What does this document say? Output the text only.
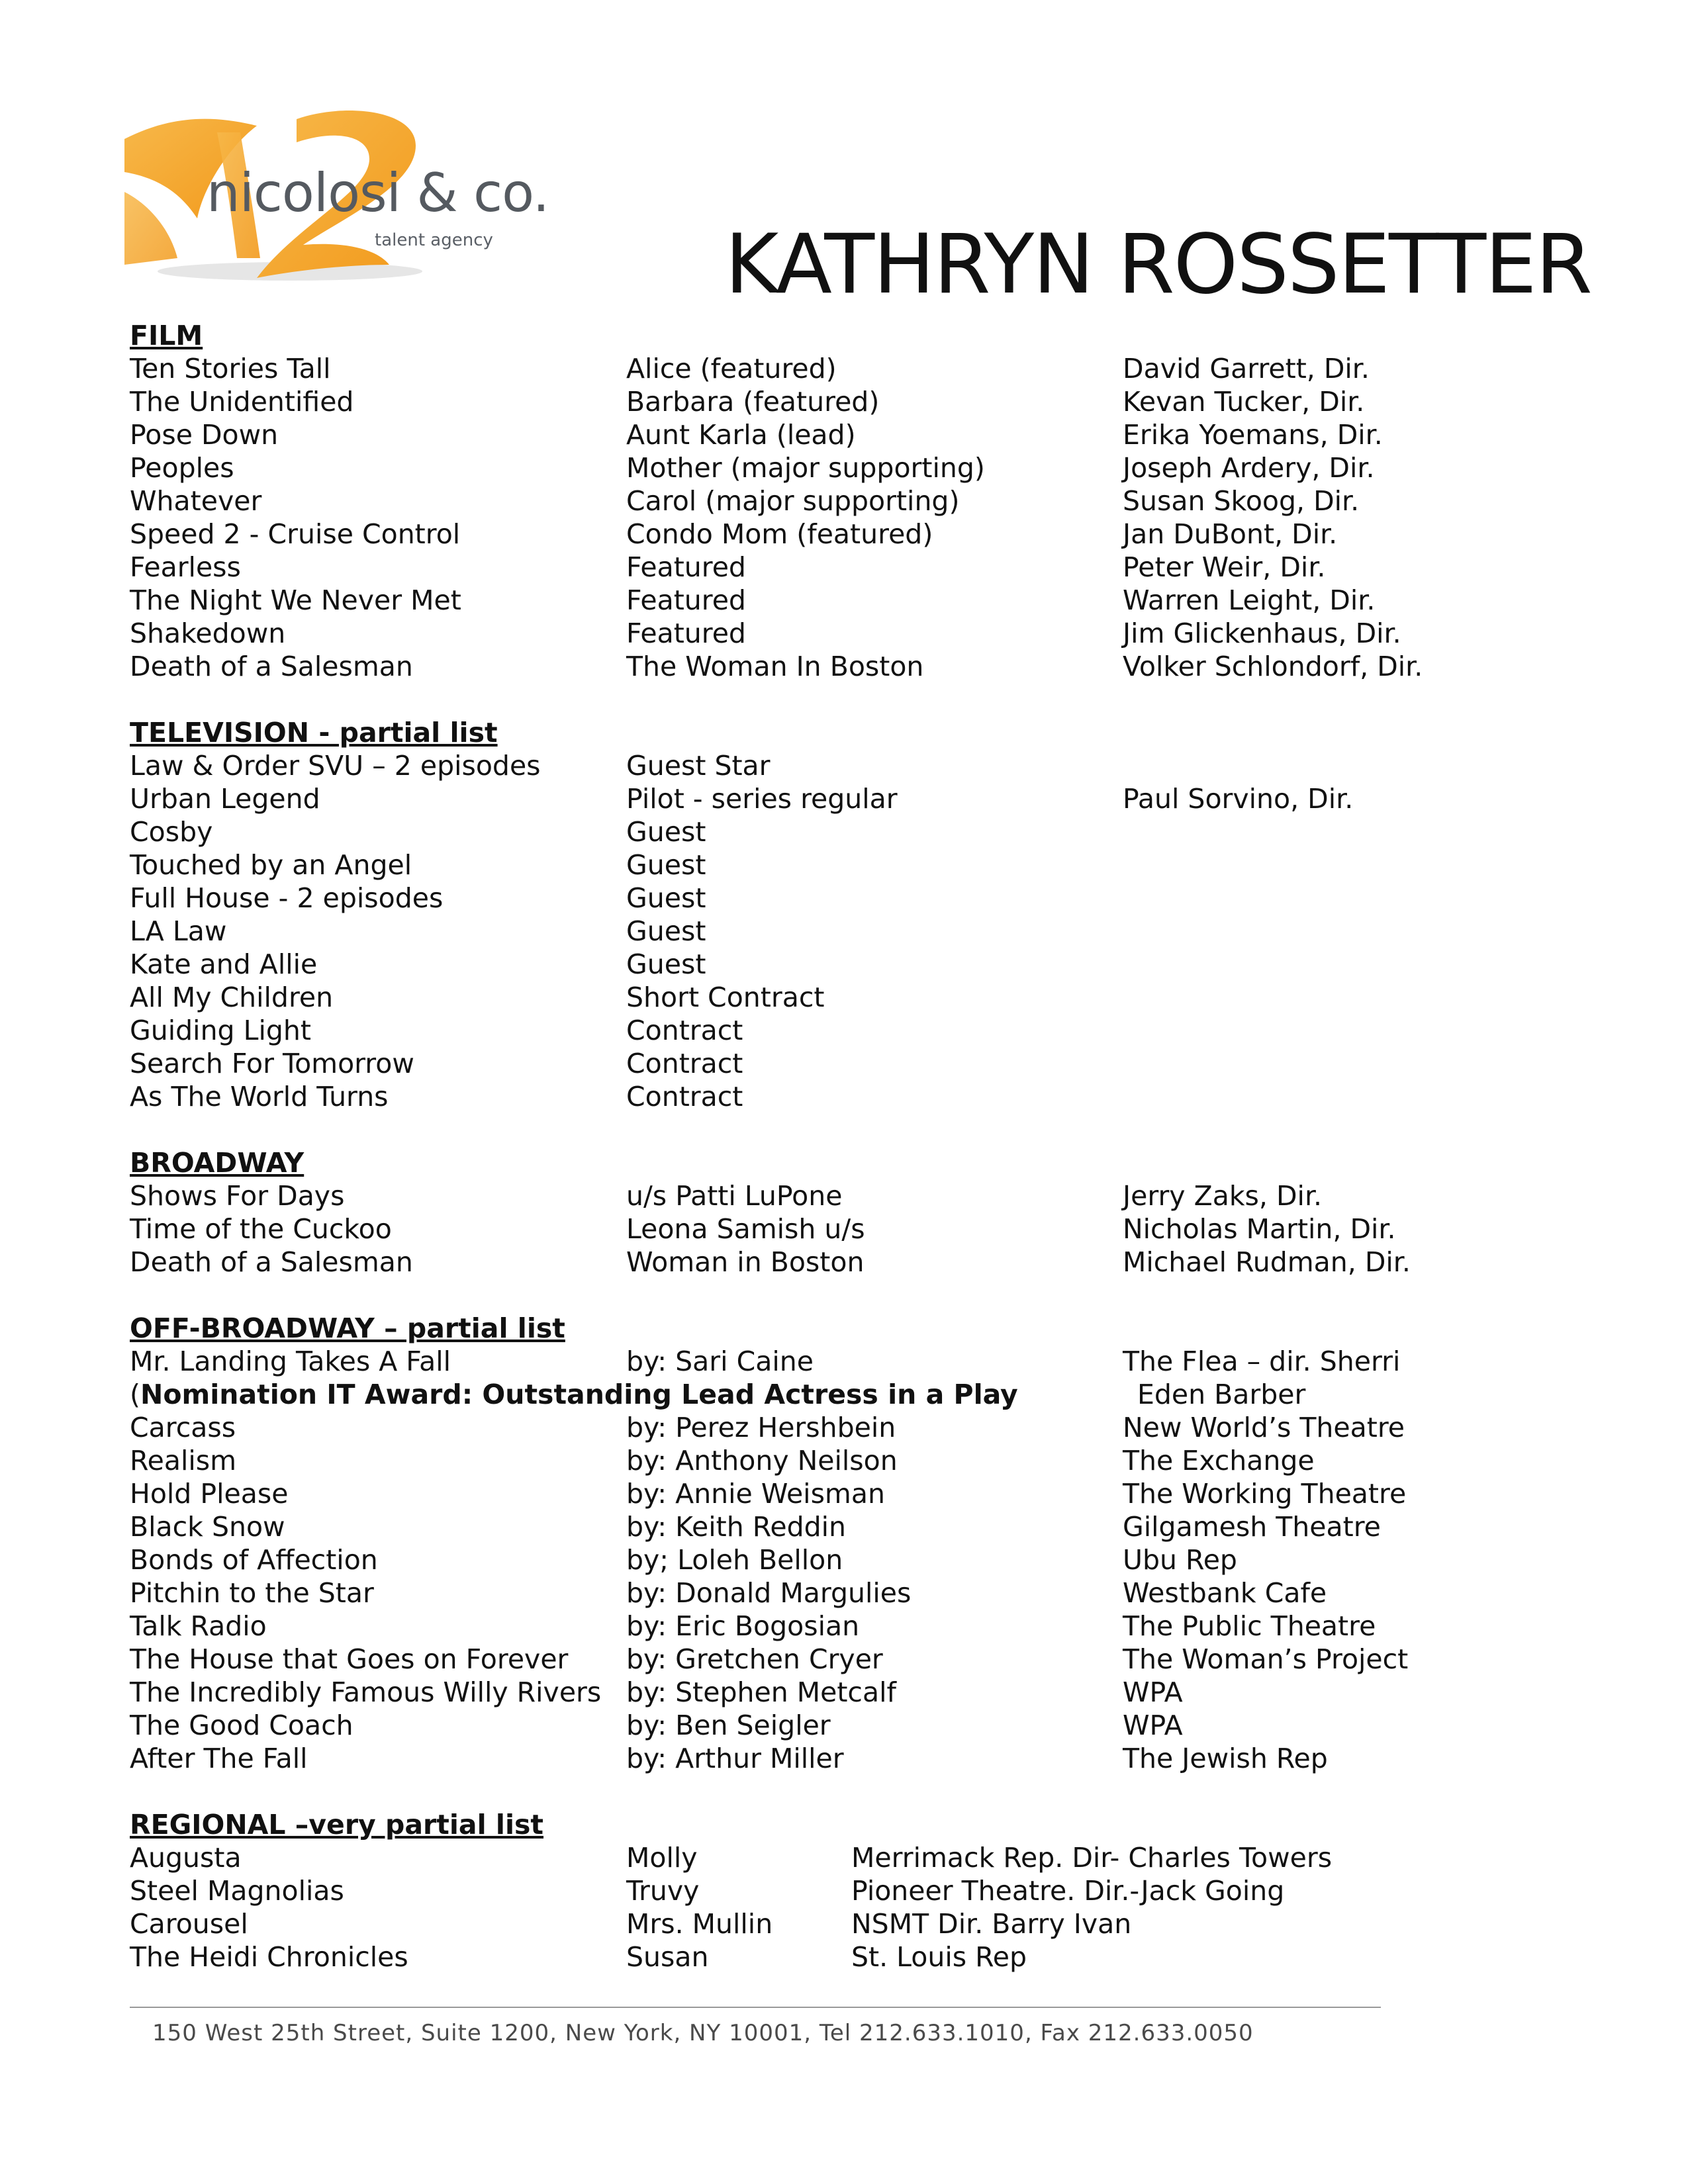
nicolosi & co.
talent agency	KATHRYN ROSSETTER
FILM
Ten Stories Tall	Alice (featured)	David Garrett, Dir.
The Unidentified	Barbara (featured)	Kevan Tucker, Dir.
Pose Down	Aunt Karla (lead)	Erika Yoemans, Dir.
Peoples	Mother (major supporting)	Joseph Ardery, Dir.
Whatever	Carol (major supporting)	Susan Skoog, Dir.
Speed 2 - Cruise Control	Condo Mom (featured)	Jan DuBont, Dir.
Fearless	Featured	Peter Weir, Dir.
The Night We Never Met	Featured	Warren Leight, Dir.
Shakedown	Featured	Jim Glickenhaus, Dir.
Death of a Salesman	The Woman In Boston	Volker Schlondorf, Dir.
TELEVISION - partial list
Law & Order SVU – 2 episodes	Guest Star
Urban Legend	Pilot - series regular	Paul Sorvino, Dir.
Cosby	Guest
Touched by an Angel	Guest
Full House - 2 episodes	Guest
LA Law	Guest
Kate and Allie	Guest
All My Children	Short Contract
Guiding Light	Contract
Search For Tomorrow	Contract
As The World Turns	Contract
BROADWAY
Shows For Days	u/s Patti LuPone	Jerry Zaks, Dir.
Time of the Cuckoo	Leona Samish u/s	Nicholas Martin, Dir.
Death of a Salesman	Woman in Boston	Michael Rudman, Dir.
OFF-BROADWAY – partial list
Mr. Landing Takes A Fall	by: Sari Caine	The Flea – dir. Sherri
(Nomination IT Award: Outstanding Lead Actress in a Play	Eden Barber
Carcass	by: Perez Hershbein	New World’s Theatre
Realism	by: Anthony Neilson	The Exchange
Hold Please	by: Annie Weisman	The Working Theatre
Black Snow	by: Keith Reddin	Gilgamesh Theatre
Bonds of Affection	by; Loleh Bellon	Ubu Rep
Pitchin to the Star	by: Donald Margulies	Westbank Cafe
Talk Radio	by: Eric Bogosian	The Public Theatre
The House that Goes on Forever by: Gretchen Cryer	The Woman’s Project
The Incredibly Famous Willy Rivers by: Stephen Metcalf	WPA
The Good Coach	by: Ben Seigler	WPA
After The Fall	by: Arthur Miller	The Jewish Rep
REGIONAL –very partial list
Augusta	Molly	Merrimack Rep. Dir- Charles Towers
Steel Magnolias	Truvy	Pioneer Theatre. Dir.-Jack Going
Carousel	Mrs. Mullin	NSMT Dir. Barry Ivan
The Heidi Chronicles	Susan	St. Louis Rep
150 West 25th Street, Suite 1200, New York, NY 10001, Tel 212.633.1010, Fax 212.633.0050
